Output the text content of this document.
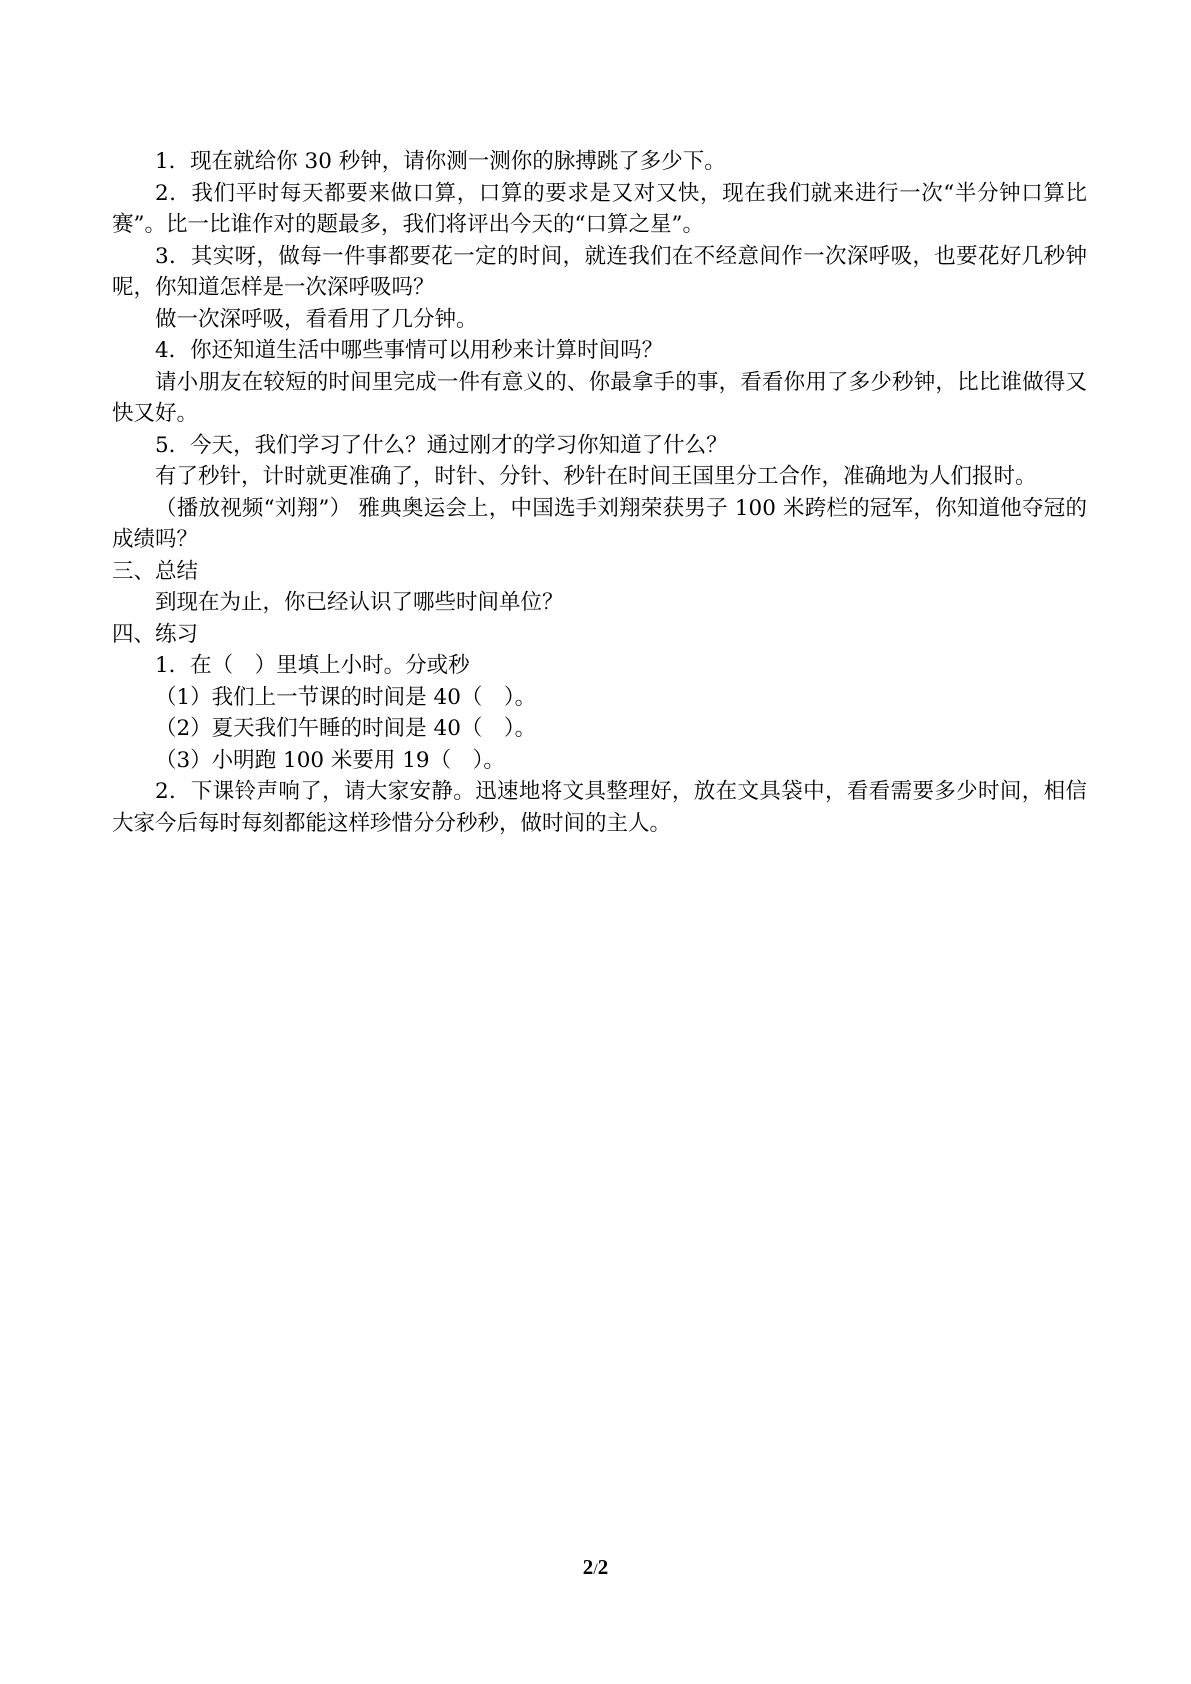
1．现在就给你 30 秒钟，请你测一测你的脉搏跳了多少下。

2．我们平时每天都要来做口算，口算的要求是又对又快，现在我们就来进行一次“半分钟口算比赛”。比一比谁作对的题最多，我们将评出今天的“口算之星”。

3．其实呀，做每一件事都要花一定的时间，就连我们在不经意间作一次深呼吸，也要花好几秒钟呢，你知道怎样是一次深呼吸吗？

做一次深呼吸，看看用了几分钟。

4．你还知道生活中哪些事情可以用秒来计算时间吗？

请小朋友在较短的时间里完成一件有意义的、你最拿手的事，看看你用了多少秒钟，比比谁做得又快又好。

5．今天，我们学习了什么？通过刚才的学习你知道了什么？

有了秒针，计时就更准确了，时针、分针、秒针在时间王国里分工合作，准确地为人们报时。

（播放视频“刘翔”） 雅典奥运会上，中国选手刘翔荣获男子 100 米跨栏的冠军，你知道他夺冠的成绩吗？

三、总结

到现在为止，你已经认识了哪些时间单位？

四、练习

1．在（　）里填上小时。分或秒

（1）我们上一节课的时间是 40（　）。

（2）夏天我们午睡的时间是 40（　）。

（3）小明跑 100 米要用 19（　）。

2．下课铃声响了，请大家安静。迅速地将文具整理好，放在文具袋中，看看需要多少时间，相信大家今后每时每刻都能这样珍惜分分秒秒，做时间的主人。

2/2
